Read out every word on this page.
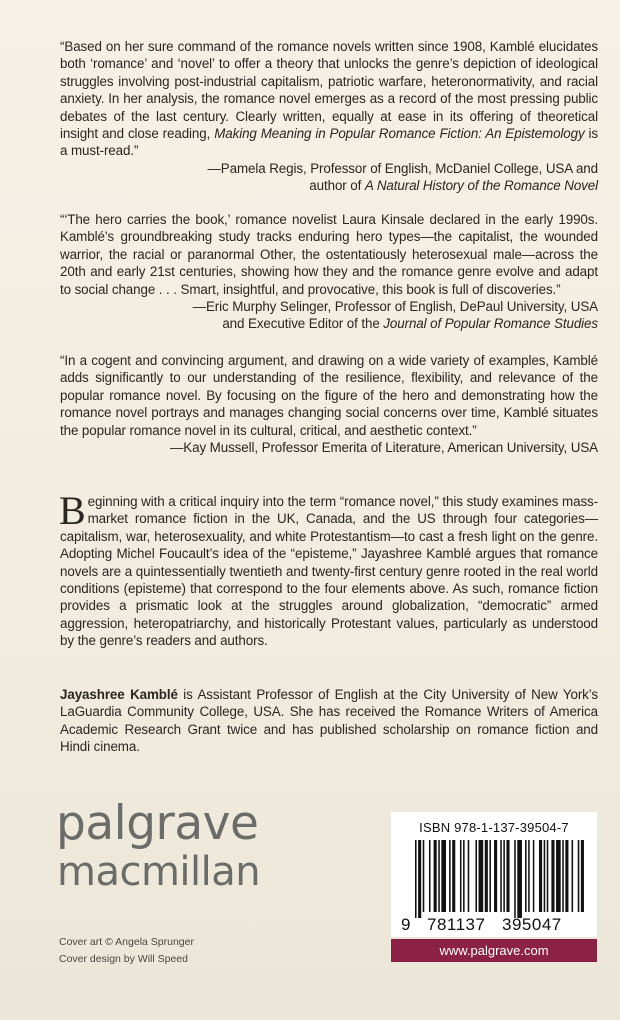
“Based on her sure command of the romance novels written since 1908, Kamblé elucidates both ‘romance’ and ‘novel’ to offer a theory that unlocks the genre’s depiction of ideological struggles involving post-industrial capitalism, patriotic warfare, heteronormativity, and racial anxiety. In her analysis, the romance novel emerges as a record of the most pressing public debates of the last century. Clearly written, equally at ease in its offering of theoretical insight and close reading, Making Meaning in Popular Romance Fiction: An Epistemology is a must-read.”

—Pamela Regis, Professor of English, McDaniel College, USA and

author of A Natural History of the Romance Novel

“‘The hero carries the book,’ romance novelist Laura Kinsale declared in the early 1990s. Kamblé’s groundbreaking study tracks enduring hero types—the capitalist, the wounded warrior, the racial or paranormal Other, the ostentatiously heterosexual male—across the 20th and early 21st centuries, showing how they and the romance genre evolve and adapt to social change . . . Smart, insightful, and provocative, this book is full of discoveries.”

—Eric Murphy Selinger, Professor of English, DePaul University, USA

and Executive Editor of the Journal of Popular Romance Studies

“In a cogent and convincing argument, and drawing on a wide variety of examples, Kamblé adds significantly to our understanding of the resilience, flexibility, and relevance of the popular romance novel. By focusing on the figure of the hero and demonstrating how the romance novel portrays and manages changing social concerns over time, Kamblé situates the popular romance novel in its cultural, critical, and aesthetic context.”

—Kay Mussell, Professor Emerita of Literature, American University, USA

Beginning with a critical inquiry into the term “romance novel,” this study examines mass-market romance fiction in the UK, Canada, and the US through four categories—capitalism, war, heterosexuality, and white Protestantism—to cast a fresh light on the genre. Adopting Michel Foucault’s idea of the “episteme,” Jayashree Kamblé argues that romance novels are a quintessentially twentieth and twenty-first century genre rooted in the real world conditions (episteme) that correspond to the four elements above. As such, romance fiction provides a prismatic look at the struggles around globalization, “democratic” armed aggression, heteropatriarchy, and historically Protestant values, particularly as understood by the genre’s readers and authors.
Jayashree Kamblé is Assistant Professor of English at the City University of New York’s LaGuardia Community College, USA. She has received the Romance Writers of America Academic Research Grant twice and has published scholarship on romance fiction and Hindi cinema.
palgrave
macmillan
Cover art © Angela Sprunger
Cover design by Will Speed
ISBN 978-1-137-39504-7
9 781137 395047
www.palgrave.com
